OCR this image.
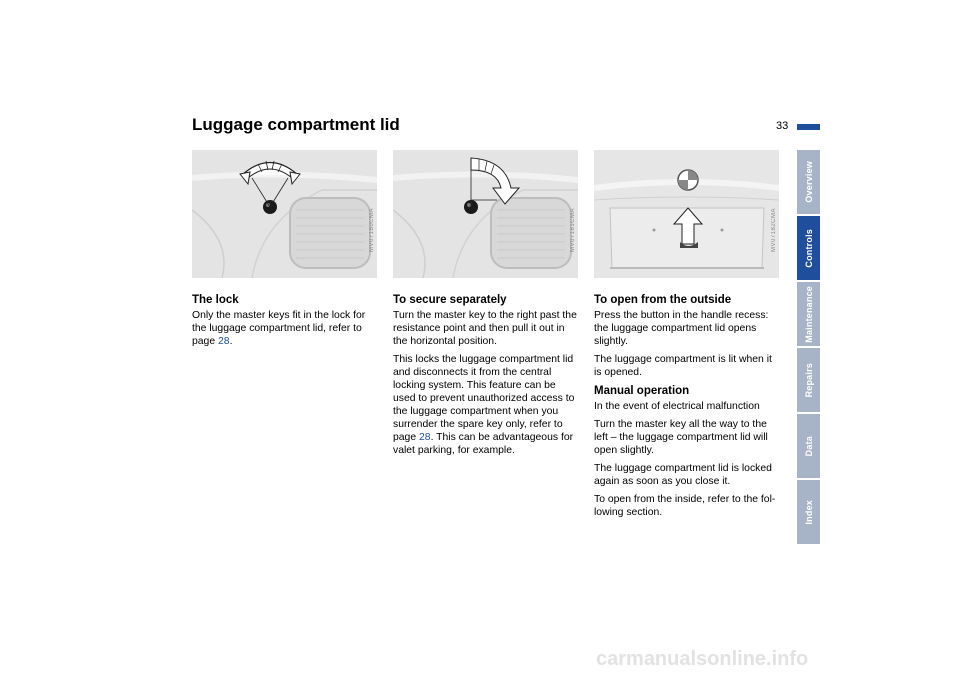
Luggage compartment lid	33
MV07180CMA	MV07181CMA	MV07182CMA
The lock

Only the master keys fit in the lock for the luggage compartment lid, refer to page 28.

To secure separately

Turn the master key to the right past the resistance point and then pull it out in the horizontal position.

This locks the luggage compartment lid and disconnects it from the central locking system. This feature can be used to prevent unauthorized access to the luggage compartment when you surrender the spare key only, refer to page 28. This can be advantageous for valet parking, for example.

To open from the outside

Press the button in the handle recess: the luggage compartment lid opens slightly.

The luggage compartment is lit when it is opened.

Manual operation

In the event of electrical malfunction

Turn the master key all the way to the left – the luggage compartment lid will open slightly.

The luggage compartment lid is locked again as soon as you close it.

To open from the inside, refer to the fol-lowing section.

Overview
Controls
Maintenance
Repairs
Data
Index
carmanualsonline.info
